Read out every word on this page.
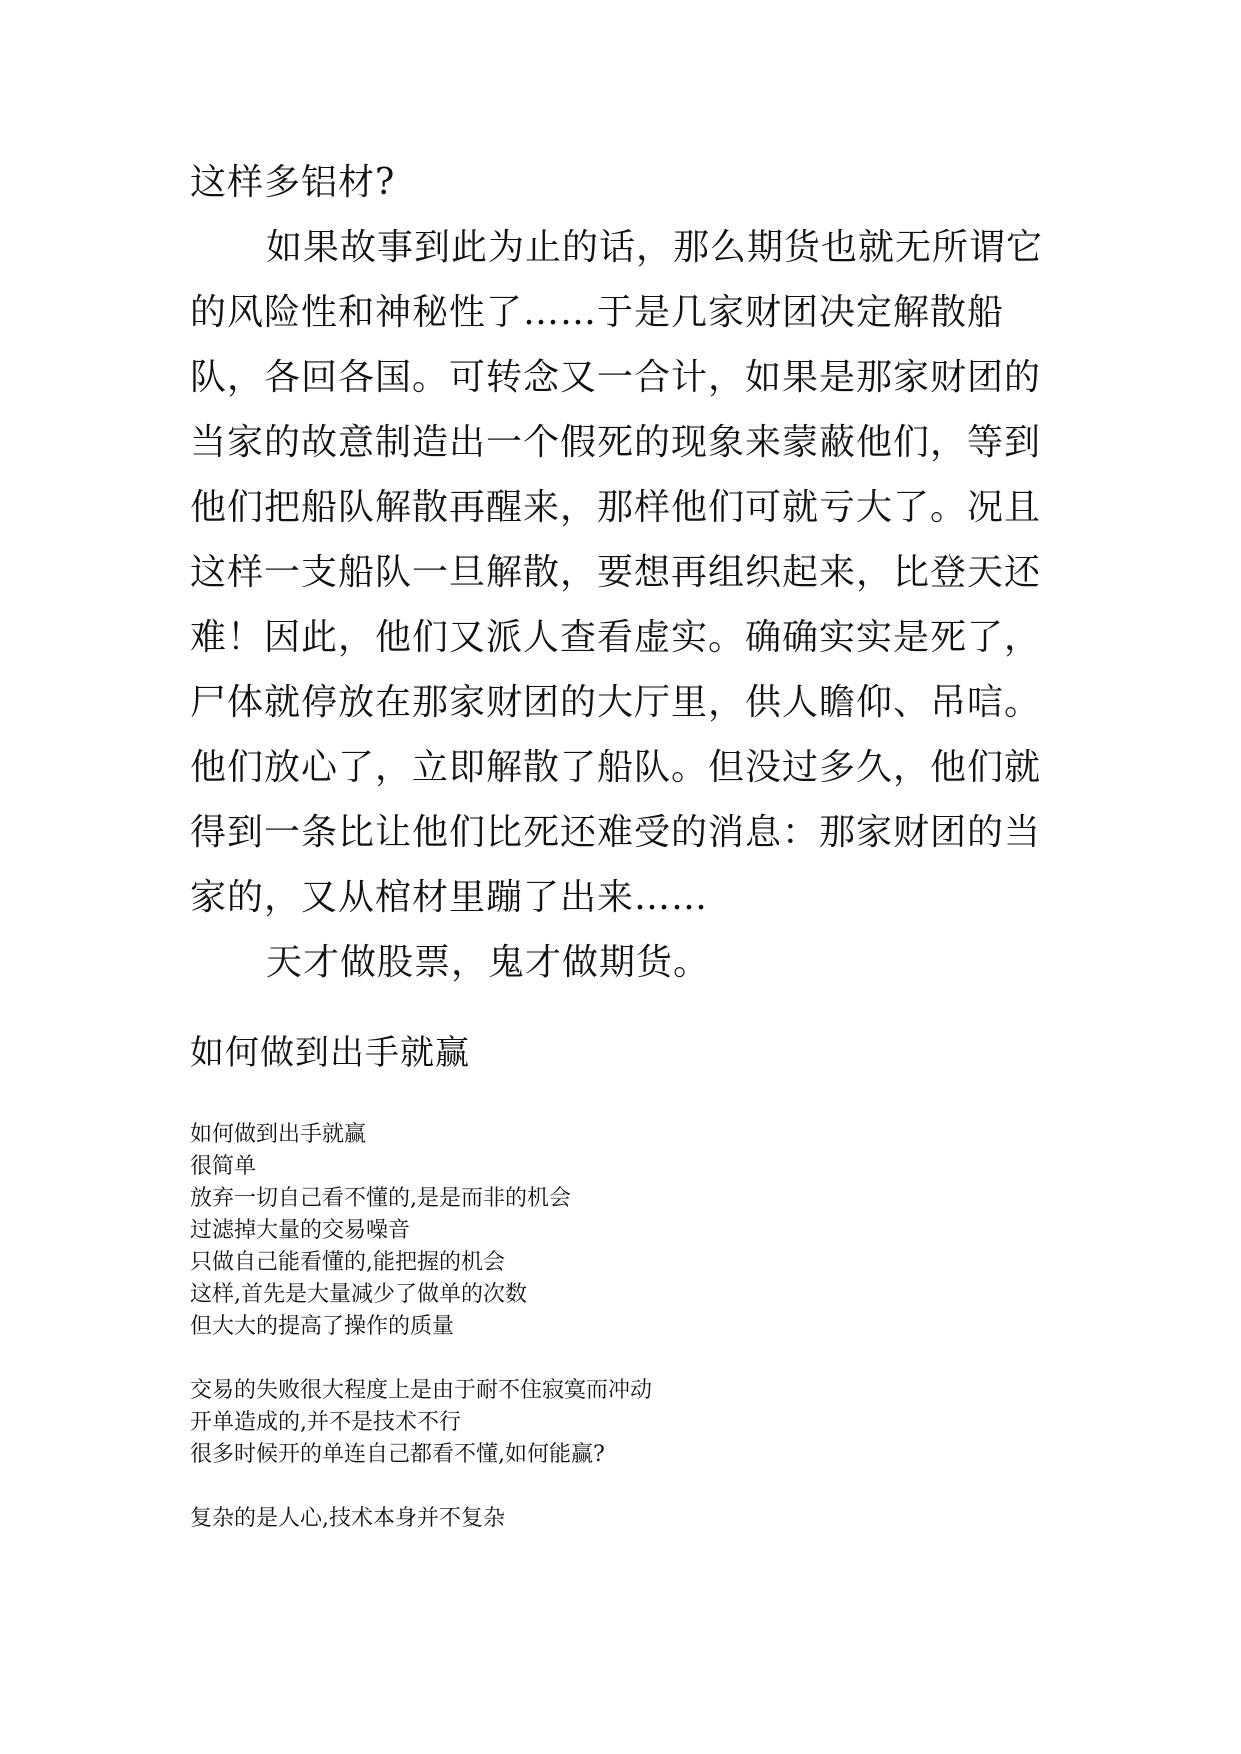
这样多铝材?

如果故事到此为止的话，那么期货也就无所谓它
的风险性和神秘性了……于是几家财团决定解散船
队，各回各国。可转念又一合计，如果是那家财团的
当家的故意制造出一个假死的现象来蒙蔽他们，等到
他们把船队解散再醒来，那样他们可就亏大了。况且
这样一支船队一旦解散，要想再组织起来，比登天还
难！因此，他们又派人查看虚实。确确实实是死了，
尸体就停放在那家财团的大厅里，供人瞻仰、吊唁。
他们放心了，立即解散了船队。但没过多久，他们就
得到一条比让他们比死还难受的消息：那家财团的当
家的，又从棺材里蹦了出来……

天才做股票，鬼才做期货。

如何做到出手就赢
如何做到出手就赢
很简单
放弃一切自己看不懂的,是是而非的机会
过滤掉大量的交易噪音
只做自己能看懂的,能把握的机会
这样,首先是大量减少了做单的次数
但大大的提高了操作的质量
交易的失败很大程度上是由于耐不住寂寞而冲动
开单造成的,并不是技术不行
很多时候开的单连自己都看不懂,如何能赢?
复杂的是人心,技术本身并不复杂
